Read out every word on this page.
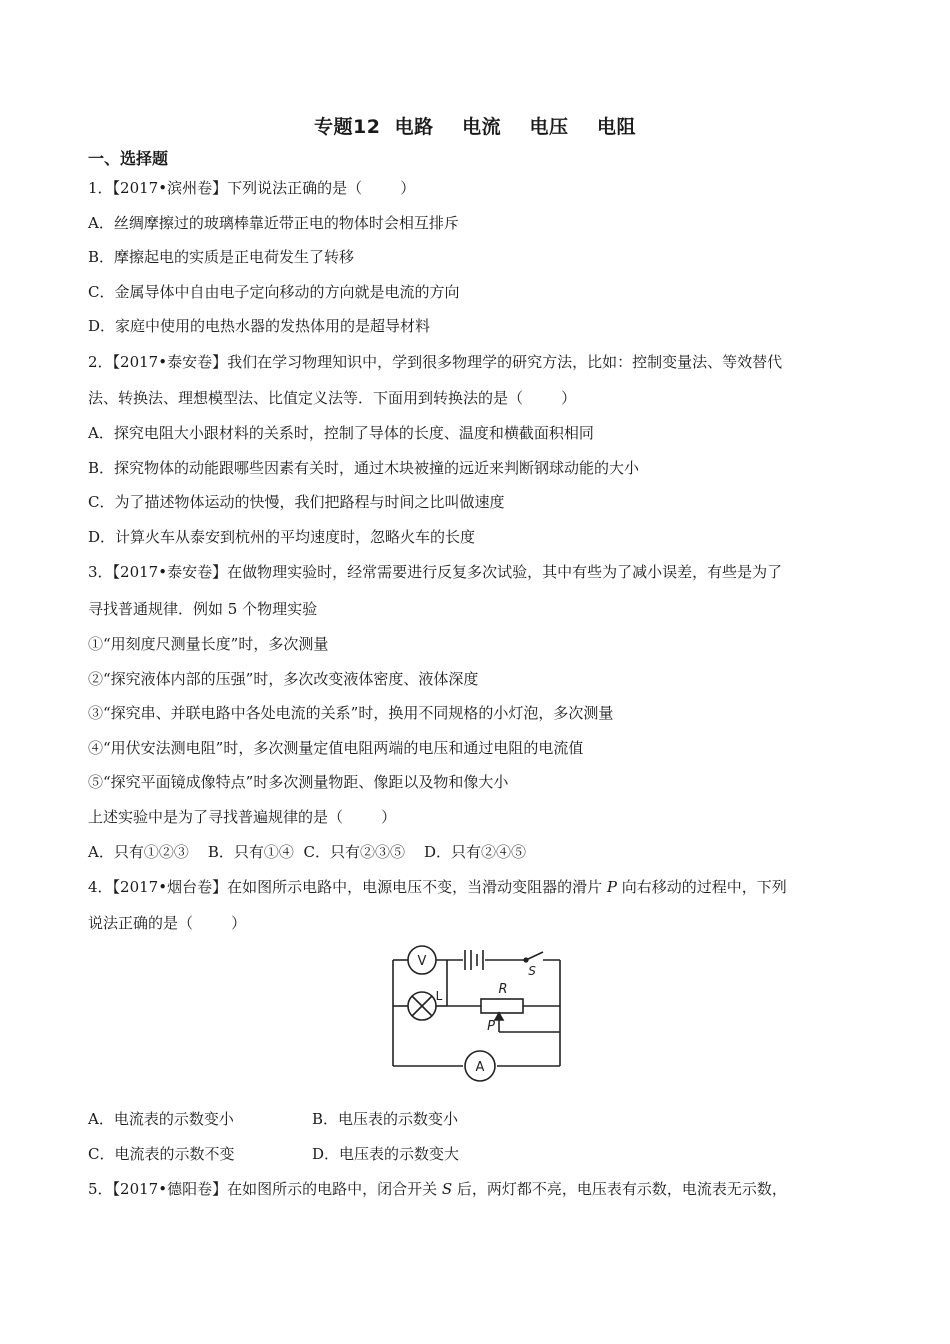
专题12  电路    电流    电压    电阻
一、选择题
1．【2017•滨州卷】下列说法正确的是（        ）
A．丝绸摩擦过的玻璃棒靠近带正电的物体时会相互排斥
B．摩擦起电的实质是正电荷发生了转移
C．金属导体中自由电子定向移动的方向就是电流的方向
D．家庭中使用的电热水器的发热体用的是超导材料
2．【2017•泰安卷】我们在学习物理知识中，学到很多物理学的研究方法，比如：控制变量法、等效替代
法、转换法、理想模型法、比值定义法等．下面用到转换法的是（        ）
A．探究电阻大小跟材料的关系时，控制了导体的长度、温度和横截面积相同
B．探究物体的动能跟哪些因素有关时，通过木块被撞的远近来判断钢球动能的大小
C．为了描述物体运动的快慢，我们把路程与时间之比叫做速度
D．计算火车从泰安到杭州的平均速度时，忽略火车的长度
3．【2017•泰安卷】在做物理实验时，经常需要进行反复多次试验，其中有些为了减小误差，有些是为了
寻找普通规律．例如 5 个物理实验
①“用刻度尺测量长度”时，多次测量
②“探究液体内部的压强”时，多次改变液体密度、液体深度
③“探究串、并联电路中各处电流的关系”时，换用不同规格的小灯泡，多次测量
④“用伏安法测电阻”时，多次测量定值电阻两端的电压和通过电阻的电流值
⑤“探究平面镜成像特点”时多次测量物距、像距以及物和像大小
上述实验中是为了寻找普遍规律的是（        ）
A．只有①②③    B．只有①④  C．只有②③⑤    D．只有②④⑤
4．【2017•烟台卷】在如图所示电路中，电源电压不变，当滑动变阻器的滑片 P 向右移动的过程中，下列
说法正确的是（        ）
V
L	R
P
S
A
A．电流表的示数变小	B．电压表的示数变小
C．电流表的示数不变	D．电压表的示数变大
5．【2017•德阳卷】在如图所示的电路中，闭合开关 S 后，两灯都不亮，电压表有示数，电流表无示数，
